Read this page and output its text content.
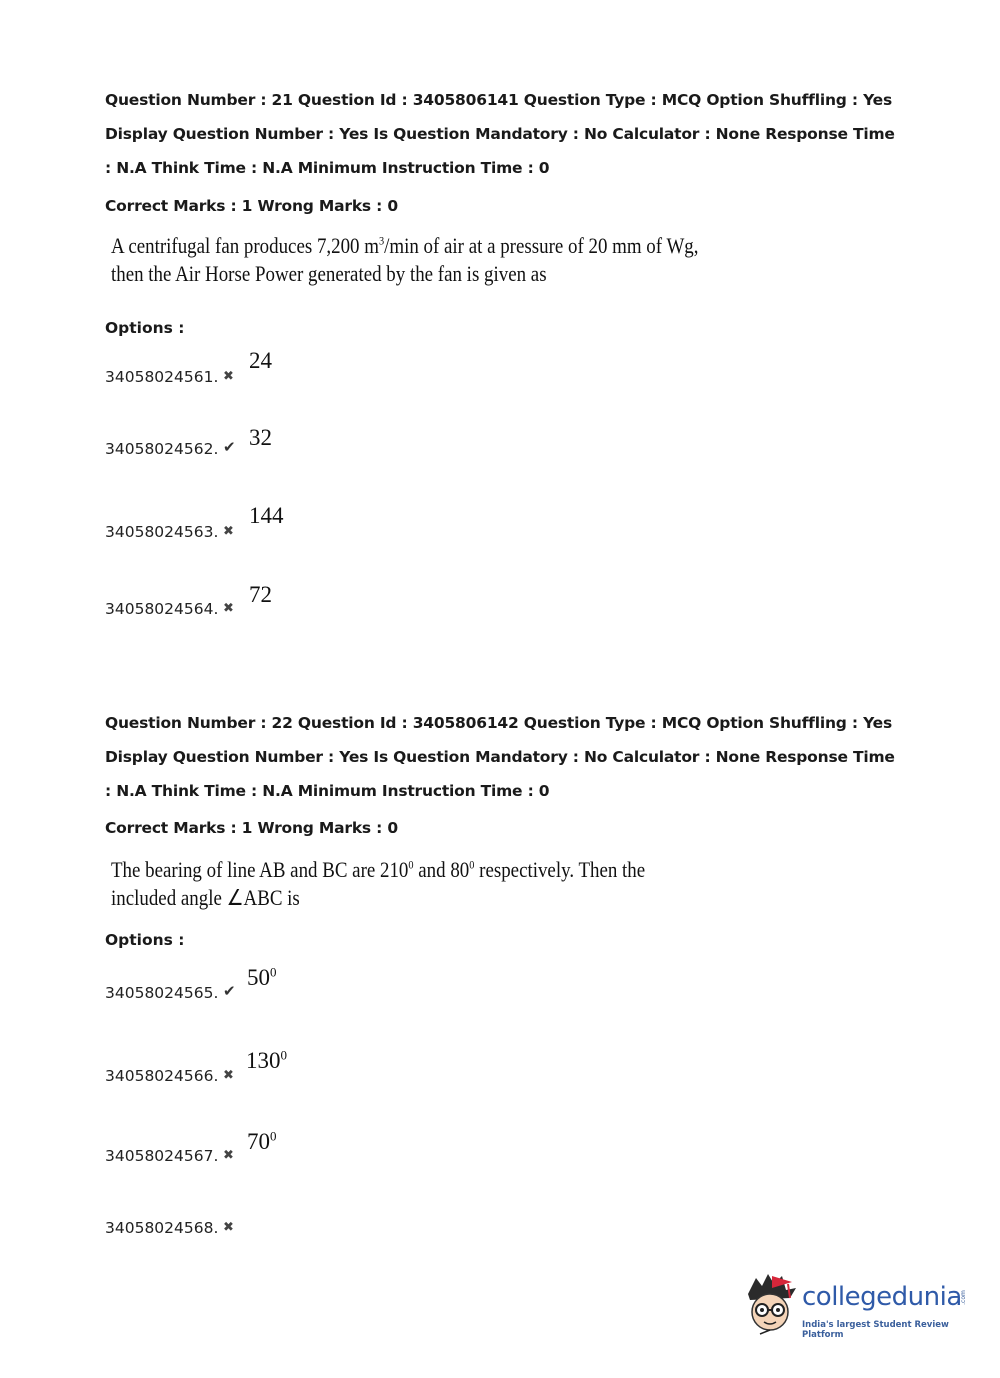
Question Number : 21 Question Id : 3405806141 Question Type : MCQ Option Shuffling : Yes
Display Question Number : Yes Is Question Mandatory : No Calculator : None Response Time
: N.A Think Time : N.A Minimum Instruction Time : 0
Correct Marks : 1 Wrong Marks : 0
A centrifugal fan produces 7,200 $m^3/\min$ of air at a pressure of 20 mm of Wg,
then the Air Horse Power generated by the fan is given as
Options :
34058024561. ✖
24
34058024562. ✔ 32
34058024563. ✖
144
34058024564. ✖
72
Question Number : 22 Question Id : 3405806142 Question Type : MCQ Option Shuffling : Yes
Display Question Number : Yes Is Question Mandatory : No Calculator : None Response Time
: N.A Think Time : N.A Minimum Instruction Time : 0
Correct Marks : 1 Wrong Marks : 0
The bearing of line AB and BC are $210^0$ and $80^0$ respectively. Then the
included angle ∠ABC is
Options :
34058024565. ✔
$50^0$
34058024566. ✖
$130^0$
34058024567. ✖
$70^0$
34058024568. ✖
collegedunia
India's largest Student Review Platform
.com
